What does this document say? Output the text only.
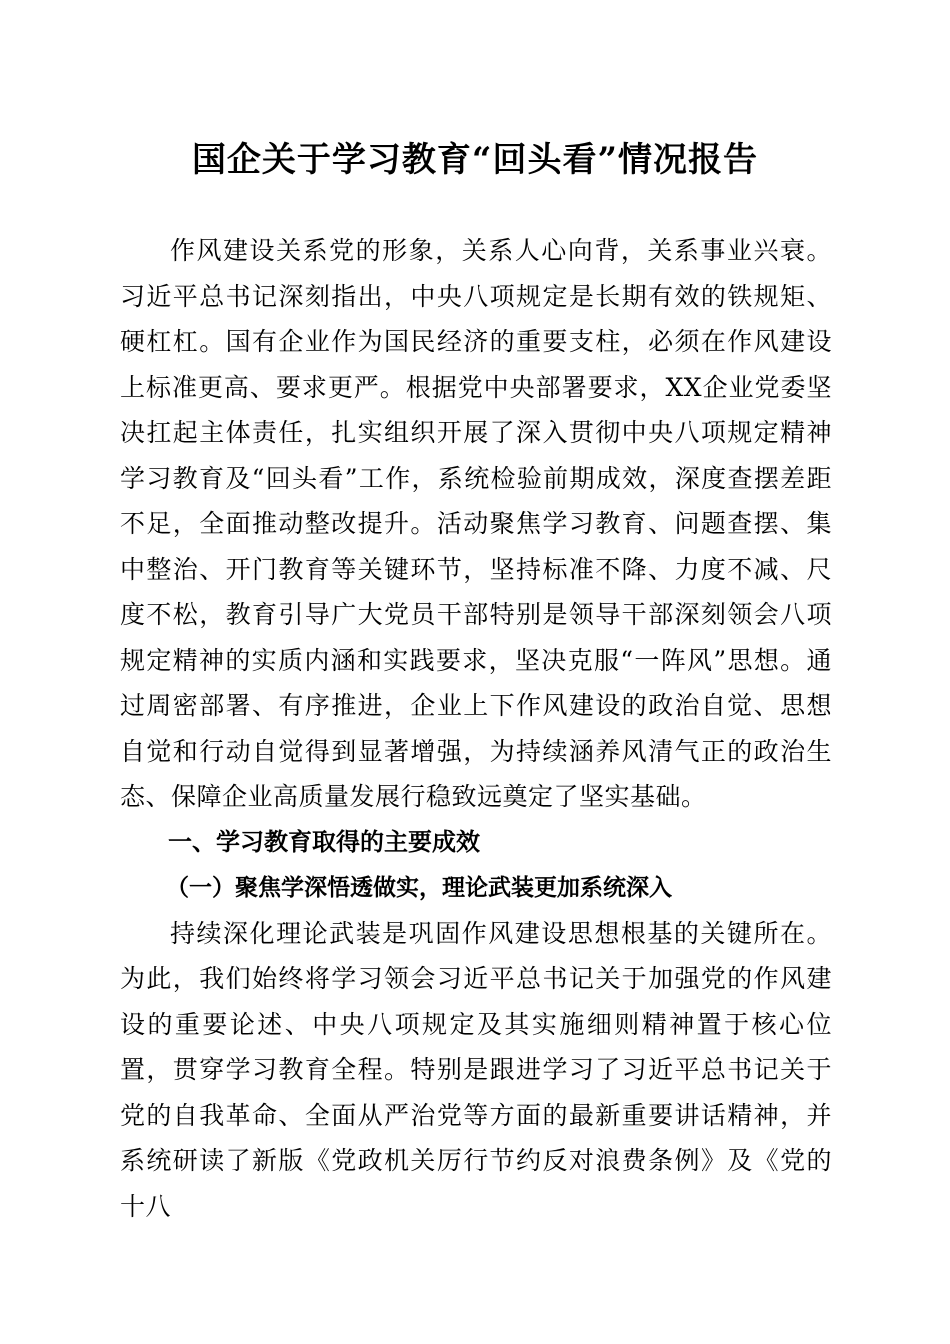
国企关于学习教育“回头看”情况报告

作风建设关系党的形象，关系人心向背，关系事业兴衰。习近平总书记深刻指出，中央八项规定是长期有效的铁规矩、硬杠杠。国有企业作为国民经济的重要支柱，必须在作风建设上标准更高、要求更严。根据党中央部署要求，XX企业党委坚决扛起主体责任，扎实组织开展了深入贯彻中央八项规定精神学习教育及“回头看”工作，系统检验前期成效，深度查摆差距不足，全面推动整改提升。活动聚焦学习教育、问题查摆、集中整治、开门教育等关键环节，坚持标准不降、力度不减、尺度不松，教育引导广大党员干部特别是领导干部深刻领会八项规定精神的实质内涵和实践要求，坚决克服“一阵风”思想。通过周密部署、有序推进，企业上下作风建设的政治自觉、思想自觉和行动自觉得到显著增强，为持续涵养风清气正的政治生态、保障企业高质量发展行稳致远奠定了坚实基础。

一、学习教育取得的主要成效

（一）聚焦学深悟透做实，理论武装更加系统深入

持续深化理论武装是巩固作风建设思想根基的关键所在。为此，我们始终将学习领会习近平总书记关于加强党的作风建设的重要论述、中央八项规定及其实施细则精神置于核心位置，贯穿学习教育全程。特别是跟进学习了习近平总书记关于党的自我革命、全面从严治党等方面的最新重要讲话精神，并系统研读了新版《党政机关厉行节约反对浪费条例》及《党的十八
